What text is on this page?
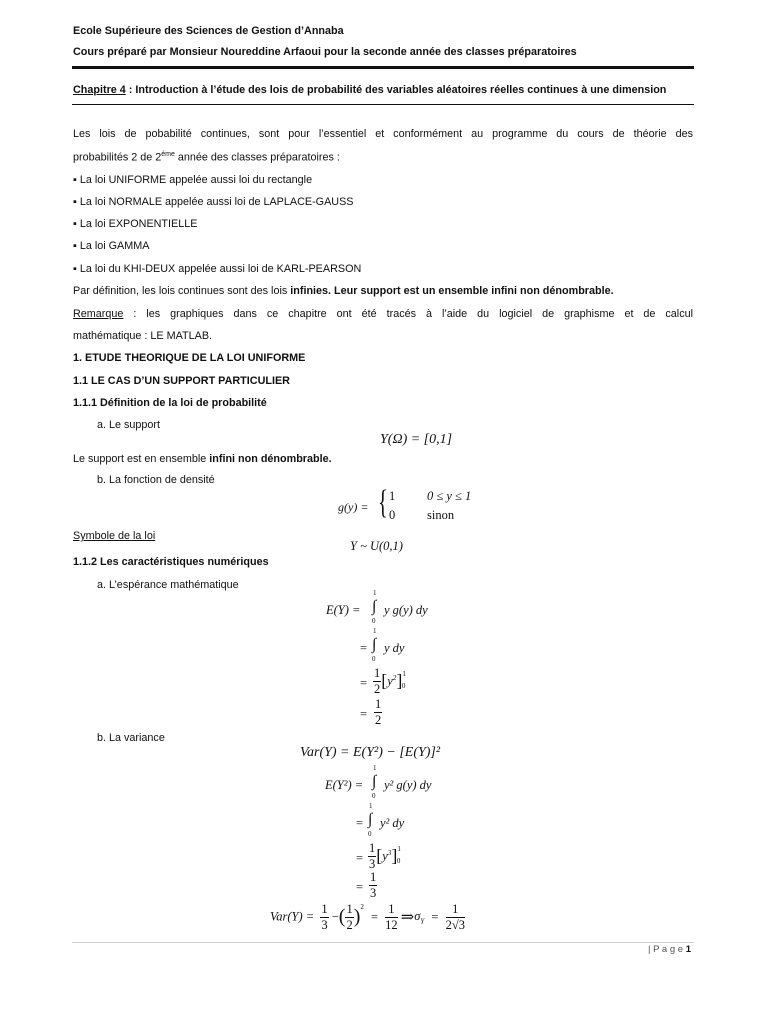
Ecole Supérieure des Sciences de Gestion d’Annaba
Cours préparé par Monsieur Noureddine Arfaoui pour la seconde année des classes préparatoires
Chapitre 4 : Introduction à l’étude des lois de probabilité des variables aléatoires réelles continues à une dimension
Les lois de pobabilité continues, sont pour l’essentiel et conformément au programme du cours de théorie des
probabilités 2 de $2^{éme}$ année des classes préparatoires :
▪ La loi UNIFORME appelée aussi loi du rectangle
▪ La loi NORMALE appelée aussi loi de LAPLACE-GAUSS
▪ La loi EXPONENTIELLE
▪ La loi GAMMA
▪ La loi du KHI-DEUX appelée aussi loi de KARL-PEARSON
Par définition, les lois continues sont des lois infinies. Leur support est un ensemble infini non dénombrable.
Remarque : les graphiques dans ce chapitre ont été tracés à l’aide du logiciel de graphisme et de calcul
mathématique : LE MATLAB.
1. ETUDE THEORIQUE DE LA LOI UNIFORME
1.1 LE CAS D’UN SUPPORT PARTICULIER
1.1.1 Définition de la loi de probabilité
a. Le support
Y(Ω) = [0,1]
Le support est en ensemble infini non dénombrable.
b. La fonction de densité
g(y) = { 1	0 ≤ y ≤ 1
0	sinon
Symbole de la loi
Y ~ U(0,1)
1.1.2 Les caractéristiques numériques
a. L’espérance mathématique
E(Y) = ∫
1
0
y g(y) dy
= ∫
1
0
y dy
= $\frac{1}{2} [y^2]^1_0$
= $\frac{1}{2}$
b. La variance
Var(Y) = E(Y²) − [E(Y)]²
E(Y²) = ∫
1
0
y² g(y) dy
= ∫
1
0
y² dy
= $\frac{1}{3} [y^3]^1_0$
= $\frac{1}{3}$
$Var(Y) = \frac{1}{3}$ −( $\frac{1}{2} )^2 = \frac{1}{12}$ $\Rightarrow\sigma_Y = \frac{1}{2√3}$
| P a g e 1
